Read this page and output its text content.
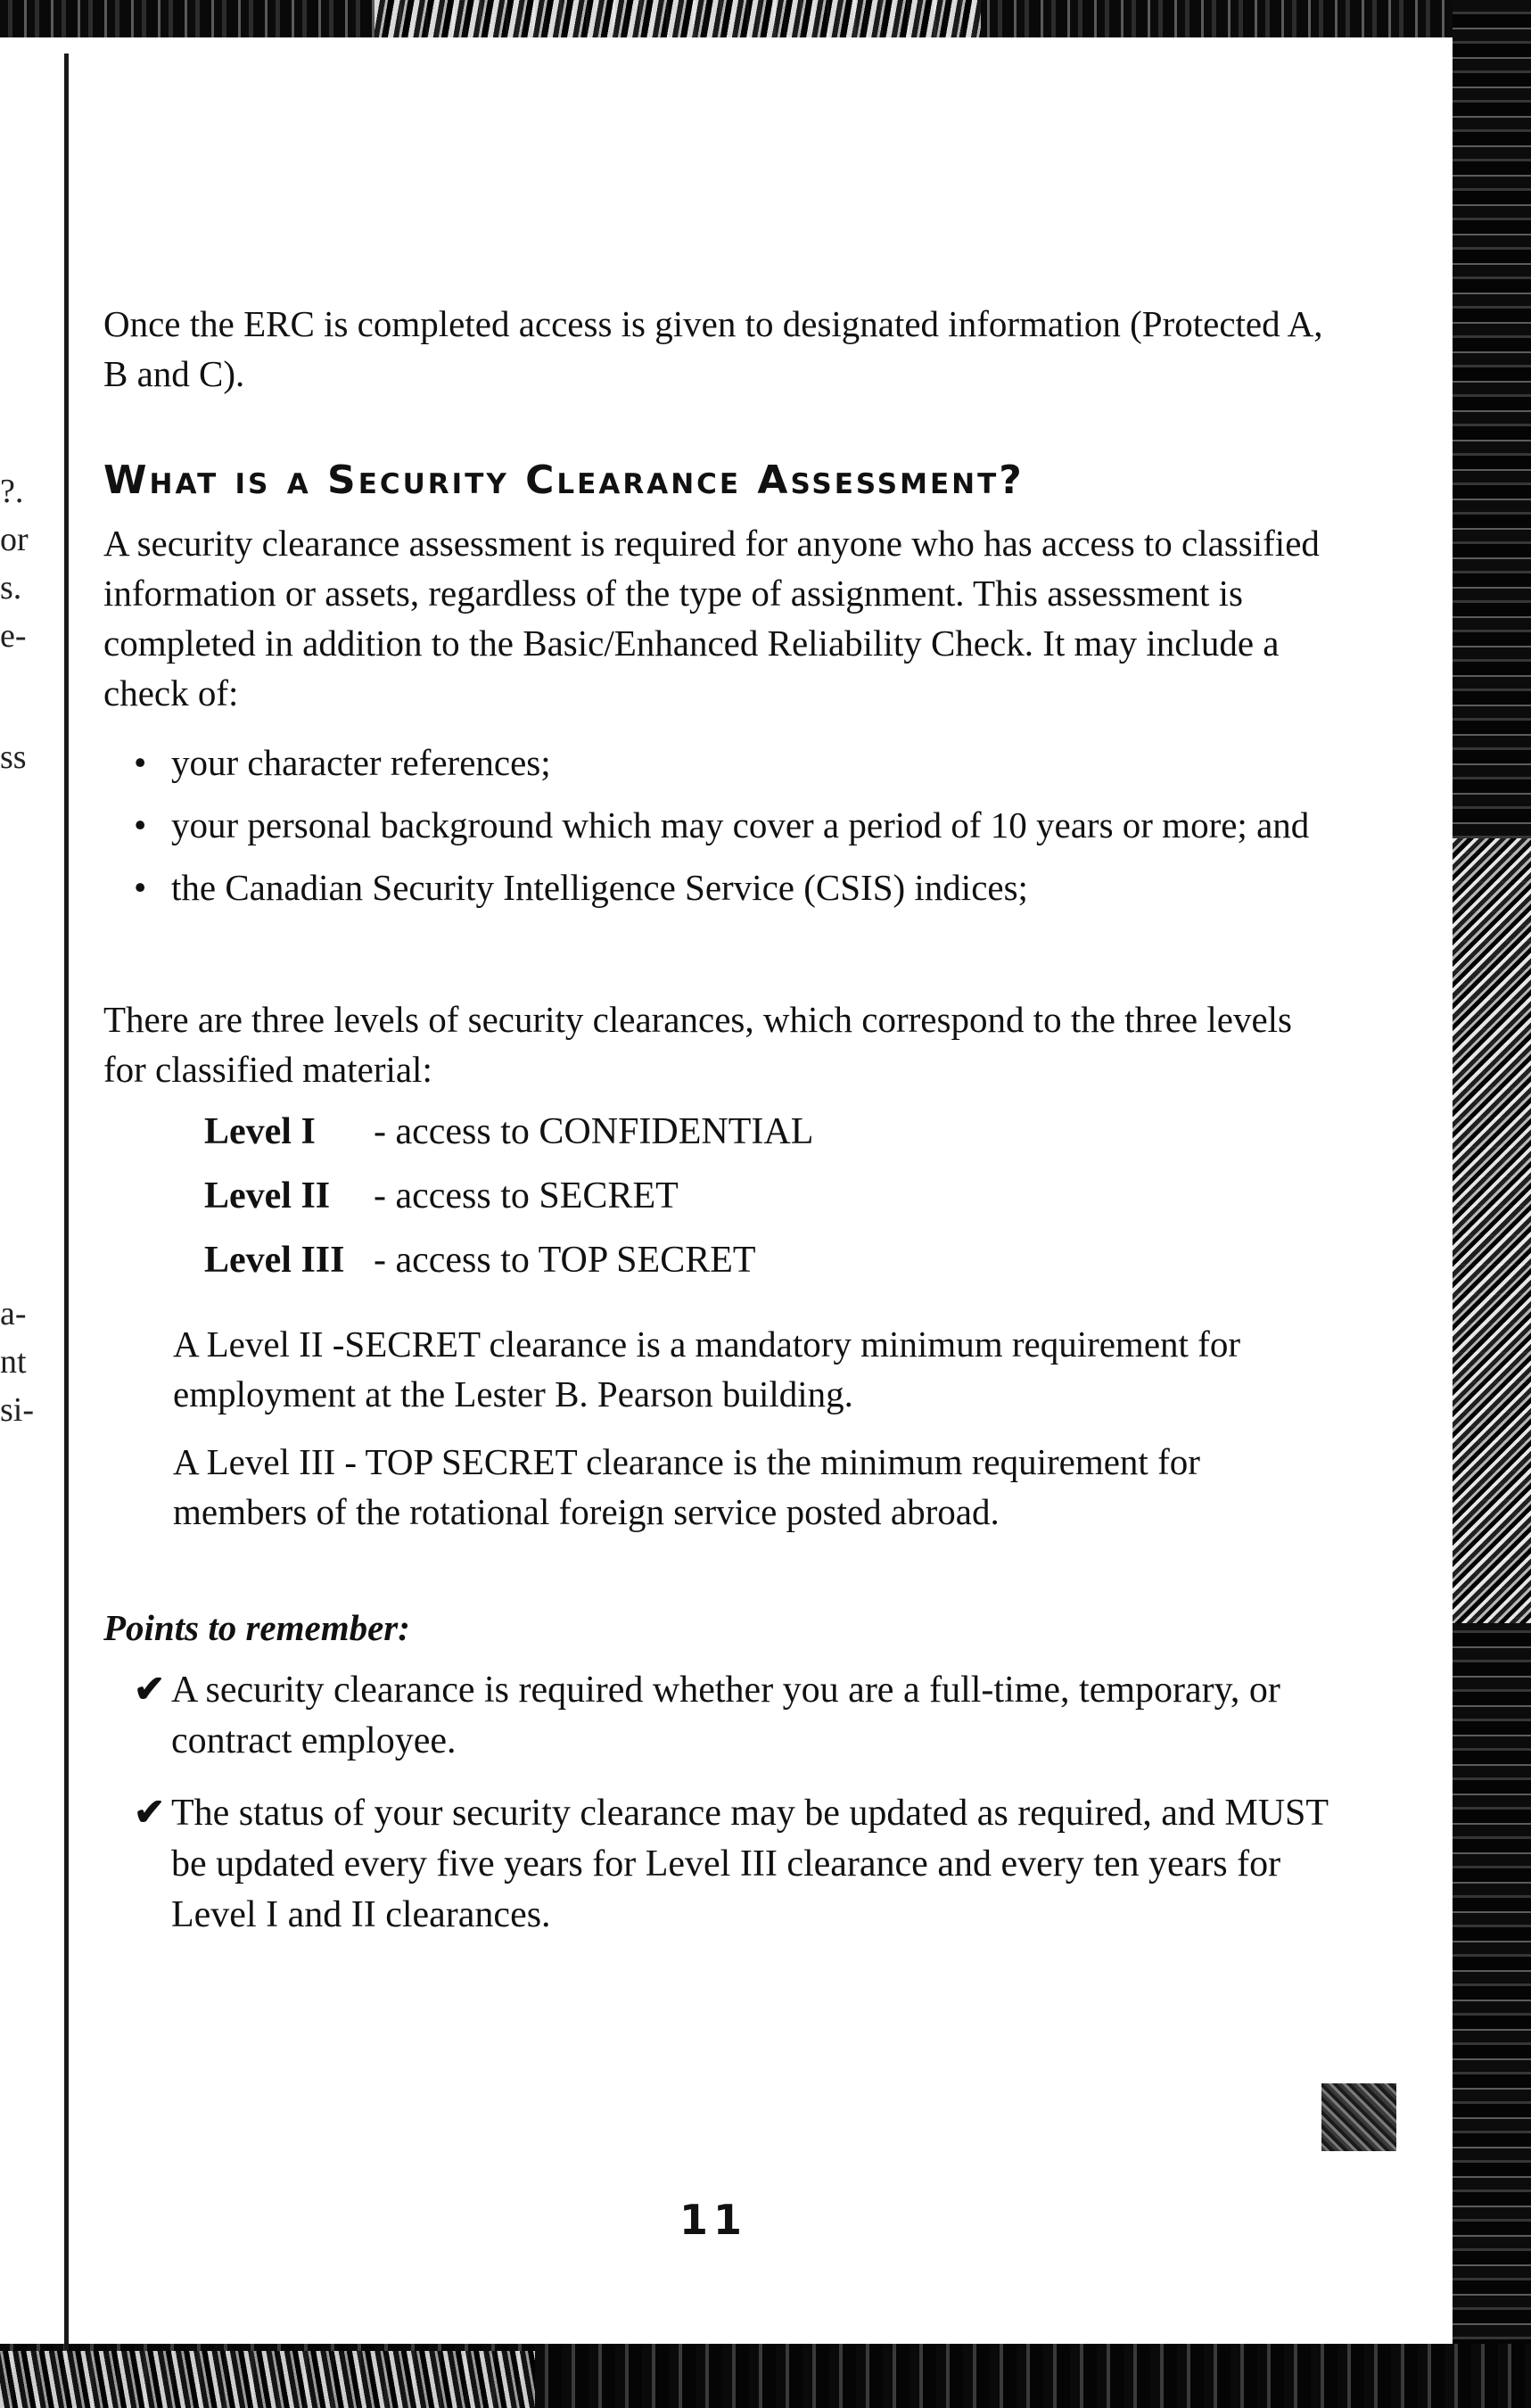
?.
or
s.
e-
ss
a-
nt
si-

Once the ERC is completed access is given to designated information (Protected A, B and C).

What is a Security Clearance Assessment?

A security clearance assessment is required for anyone who has access to classified information or assets, regardless of the type of assignment. This assessment is completed in addition to the Basic/Enhanced Reliability Check. It may include a check of:

• your character references;
• your personal background which may cover a period of 10 years or more; and
• the Canadian Security Intelligence Service (CSIS) indices;

There are three levels of security clearances, which correspond to the three levels for classified material:

Level I	- access to CONFIDENTIAL
Level II	- access to SECRET
Level III - access to TOP SECRET

A Level II -SECRET clearance is a mandatory minimum requirement for employment at the Lester B. Pearson building.

A Level III - TOP SECRET clearance is the minimum requirement for members of the rotational foreign service posted abroad.

Points to remember:

✔ A security clearance is required whether you are a full-time, temporary, or contract employee.
✔ The status of your security clearance may be updated as required, and MUST be updated every five years for Level III clearance and every ten years for Level I and II clearances.
11
